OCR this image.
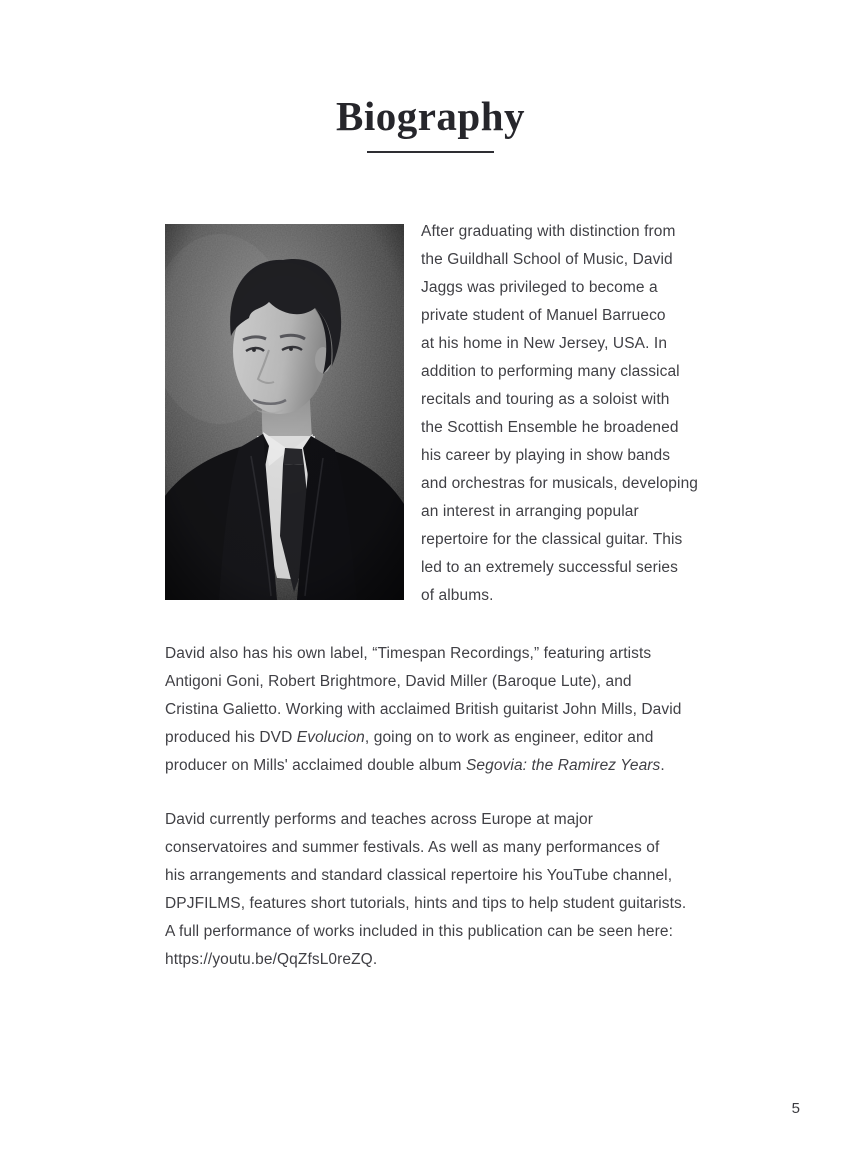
Biography
After graduating with distinction from
the Guildhall School of Music, David
Jaggs was privileged to become a
private student of Manuel Barrueco
at his home in New Jersey, USA. In
addition to performing many classical
recitals and touring as a soloist with
the Scottish Ensemble he broadened
his career by playing in show bands
and orchestras for musicals, developing
an interest in arranging popular
repertoire for the classical guitar. This
led to an extremely successful series
of albums.
David also has his own label, “Timespan Recordings,” featuring artists
Antigoni Goni, Robert Brightmore, David Miller (Baroque Lute), and
Cristina Galietto. Working with acclaimed British guitarist John Mills, David
produced his DVD Evolucion, going on to work as engineer, editor and
producer on Mills' acclaimed double album Segovia: the Ramirez Years.
David currently performs and teaches across Europe at major
conservatoires and summer festivals. As well as many performances of
his arrangements and standard classical repertoire his YouTube channel,
DPJFILMS, features short tutorials, hints and tips to help student guitarists.
A full performance of works included in this publication can be seen here:
https://youtu.be/QqZfsL0reZQ.
5
